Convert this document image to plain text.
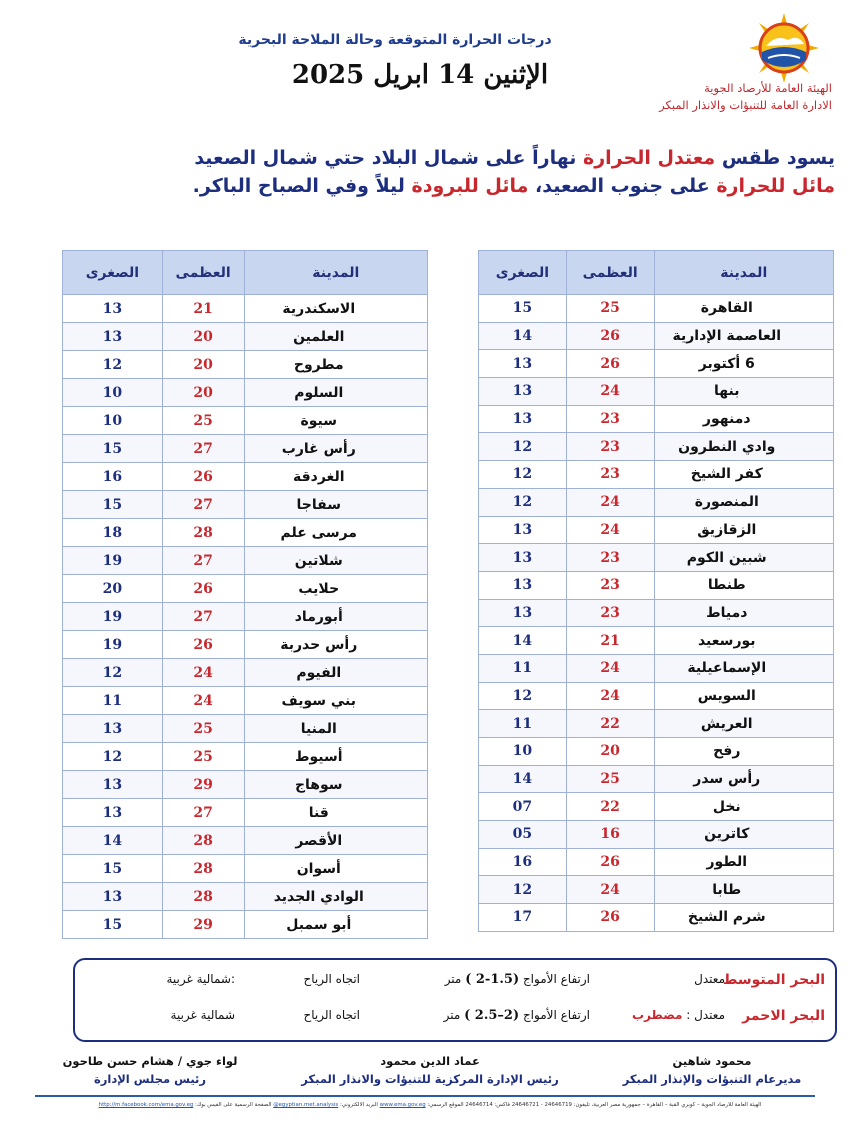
درجات الحرارة المتوقعة وحالة الملاحة البحرية
الإثنين 14 ابريل 2025	الهيئة العامة للأرصاد الجوية
الادارة العامة للتنبؤات والانذار المبكر
يسود طقس معتدل الحرارة نهاراً على شمال البلاد حتي شمال الصعيد
مائل للحرارة على جنوب الصعيد، مائل للبرودة ليلاً وفي الصباح الباكر.
المدينة	العظمى	الصغرى
القاهرة	25	15
العاصمة الإدارية	26	14
6 أكتوبر	26	13
بنها	24	13
دمنهور	23	13
وادي النطرون	23	12
كفر الشيخ	23	12
المنصورة	24	12
الزقازيق	24	13
شبين الكوم	23	13
طنطا	23	13
دمياط	23	13
بورسعيد	21	14
الإسماعيلية	24	11
السويس	24	12
العريش	22	11
رفح	20	10
رأس سدر	25	14
نخل	22	07
كاترين	16	05
الطور	26	16
طابا	24	12
شرم الشيخ	26	17
المدينة	العظمى	الصغرى
الاسكندرية	21	13
العلمين	20	13
مطروح	20	12
السلوم	20	10
سيوة	25	10
رأس غارب	27	15
الغردقة	26	16
سفاجا	27	15
مرسى علم	28	18
شلاتين	27	19
حلايب	26	20
أبورماد	27	19
رأس حدربة	26	19
الفيوم	24	12
بني سويف	24	11
المنيا	25	13
أسيوط	25	12
سوهاج	29	13
قنا	27	13
الأقصر	28	14
أسوان	28	15
الوادي الجديد	28	13
أبو سمبل	29	15
البحر المتوسط
معتدل
ارتفاع الأمواج (1.5-2 ) متر
اتجاه الرياح
:شمالية غربية
البحر الاحمر
معتدل : مضطرب
ارتفاع الأمواج (2–2.5 ) متر
اتجاه الرياح
شمالية غربية
محمود شاهين
مديرعام التنبؤات والإنذار المبكر
عماد الدين محمود
رئيس الإدارة المركزية للتنبؤات والانذار المبكر
لواء جوي / هشام حسن طاحون
رئيس مجلس الإدارة
الهيئة العامة للأرصاد الجوية – كوبري القبة – القاهرة – جمهورية مصر العربية، تليفون: 24646719 - 24646721 فاكس: 24646714 الموقع الرسمي: www.ema.gov.eg البريد الالكتروني: egyptian.met.analysis@ الصفحة الرسمية على الفيس بوك: http://m.facebook.com/ema.gov.eg
